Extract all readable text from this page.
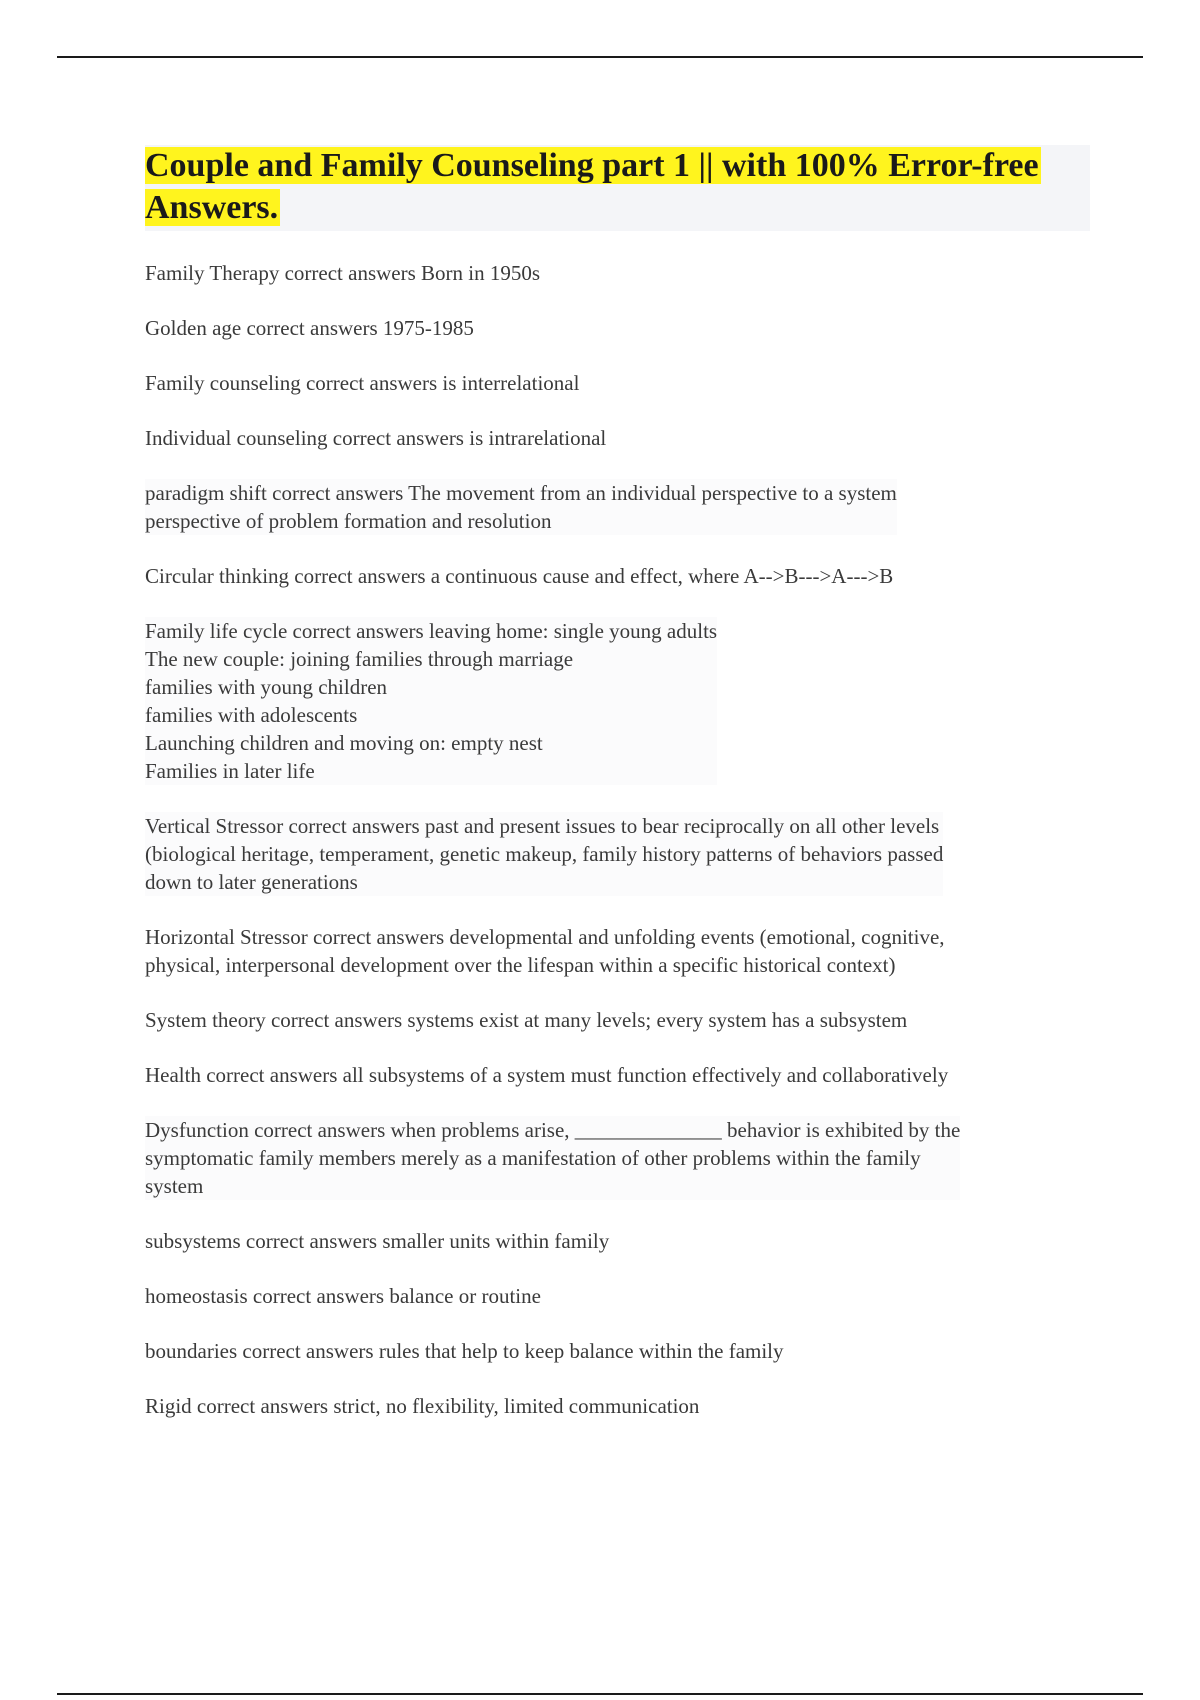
Couple and Family Counseling part 1 || with 100% Error-free Answers.

Family Therapy correct answers Born in 1950s

Golden age correct answers 1975-1985

Family counseling correct answers is interrelational

Individual counseling correct answers is intrarelational

paradigm shift correct answers The movement from an individual perspective to a system
perspective of problem formation and resolution

Circular thinking correct answers a continuous cause and effect, where A-->B--->A--->B

Family life cycle correct answers leaving home: single young adults
The new couple: joining families through marriage
families with young children
families with adolescents
Launching children and moving on: empty nest
Families in later life

Vertical Stressor correct answers past and present issues to bear reciprocally on all other levels
(biological heritage, temperament, genetic makeup, family history patterns of behaviors passed
down to later generations

Horizontal Stressor correct answers developmental and unfolding events (emotional, cognitive,
physical, interpersonal development over the lifespan within a specific historical context)

System theory correct answers systems exist at many levels; every system has a subsystem

Health correct answers all subsystems of a system must function effectively and collaboratively

Dysfunction correct answers when problems arise, ______________ behavior is exhibited by the
symptomatic family members merely as a manifestation of other problems within the family
system

subsystems correct answers smaller units within family

homeostasis correct answers balance or routine

boundaries correct answers rules that help to keep balance within the family

Rigid correct answers strict, no flexibility, limited communication
